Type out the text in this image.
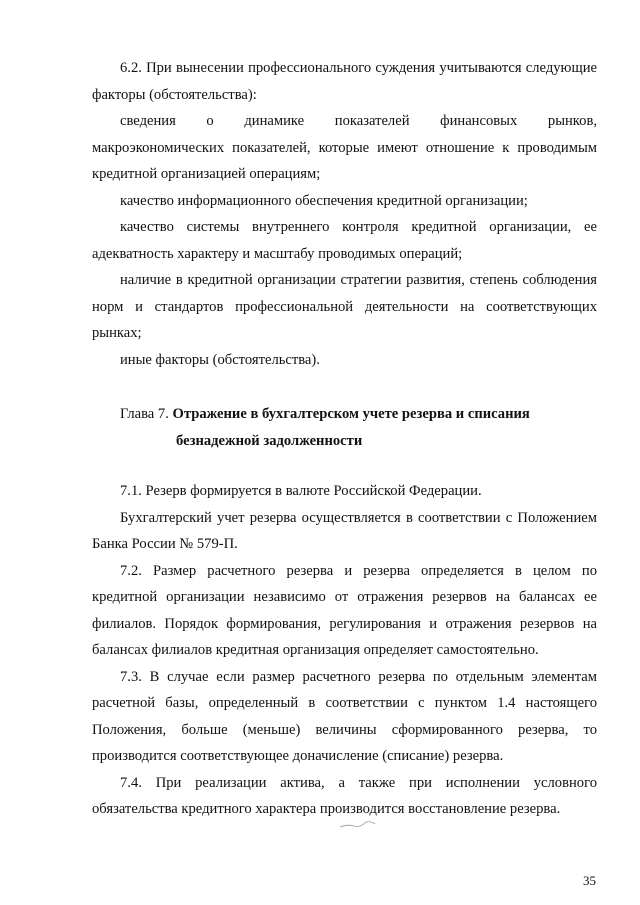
6.2. При вынесении профессионального суждения учитываются следующие факторы (обстоятельства):

сведения о динамике показателей финансовых рынков, макроэкономических показателей, которые имеют отношение к проводимым кредитной организацией операциям;

качество информационного обеспечения кредитной организации;

качество системы внутреннего контроля кредитной организации, ее адекватность характеру и масштабу проводимых операций;

наличие в кредитной организации стратегии развития, степень соблюдения норм и стандартов профессиональной деятельности на соответствующих рынках;

иные факторы (обстоятельства).

Глава 7. Отражение в бухгалтерском учете резерва и списания
безнадежной задолженности

7.1. Резерв формируется в валюте Российской Федерации.

Бухгалтерский учет резерва осуществляется в соответствии с Положением Банка России № 579-П.

7.2. Размер расчетного резерва и резерва определяется в целом по кредитной организации независимо от отражения резервов на балансах ее филиалов. Порядок формирования, регулирования и отражения резервов на балансах филиалов кредитная организация определяет самостоятельно.

7.3. В случае если размер расчетного резерва по отдельным элементам расчетной базы, определенный в соответствии с пунктом 1.4 настоящего Положения, больше (меньше) величины сформированного резерва, то производится соответствующее доначисление (списание) резерва.

7.4. При реализации актива, а также при исполнении условного обязательства кредитного характера производится восстановление резерва.

35
